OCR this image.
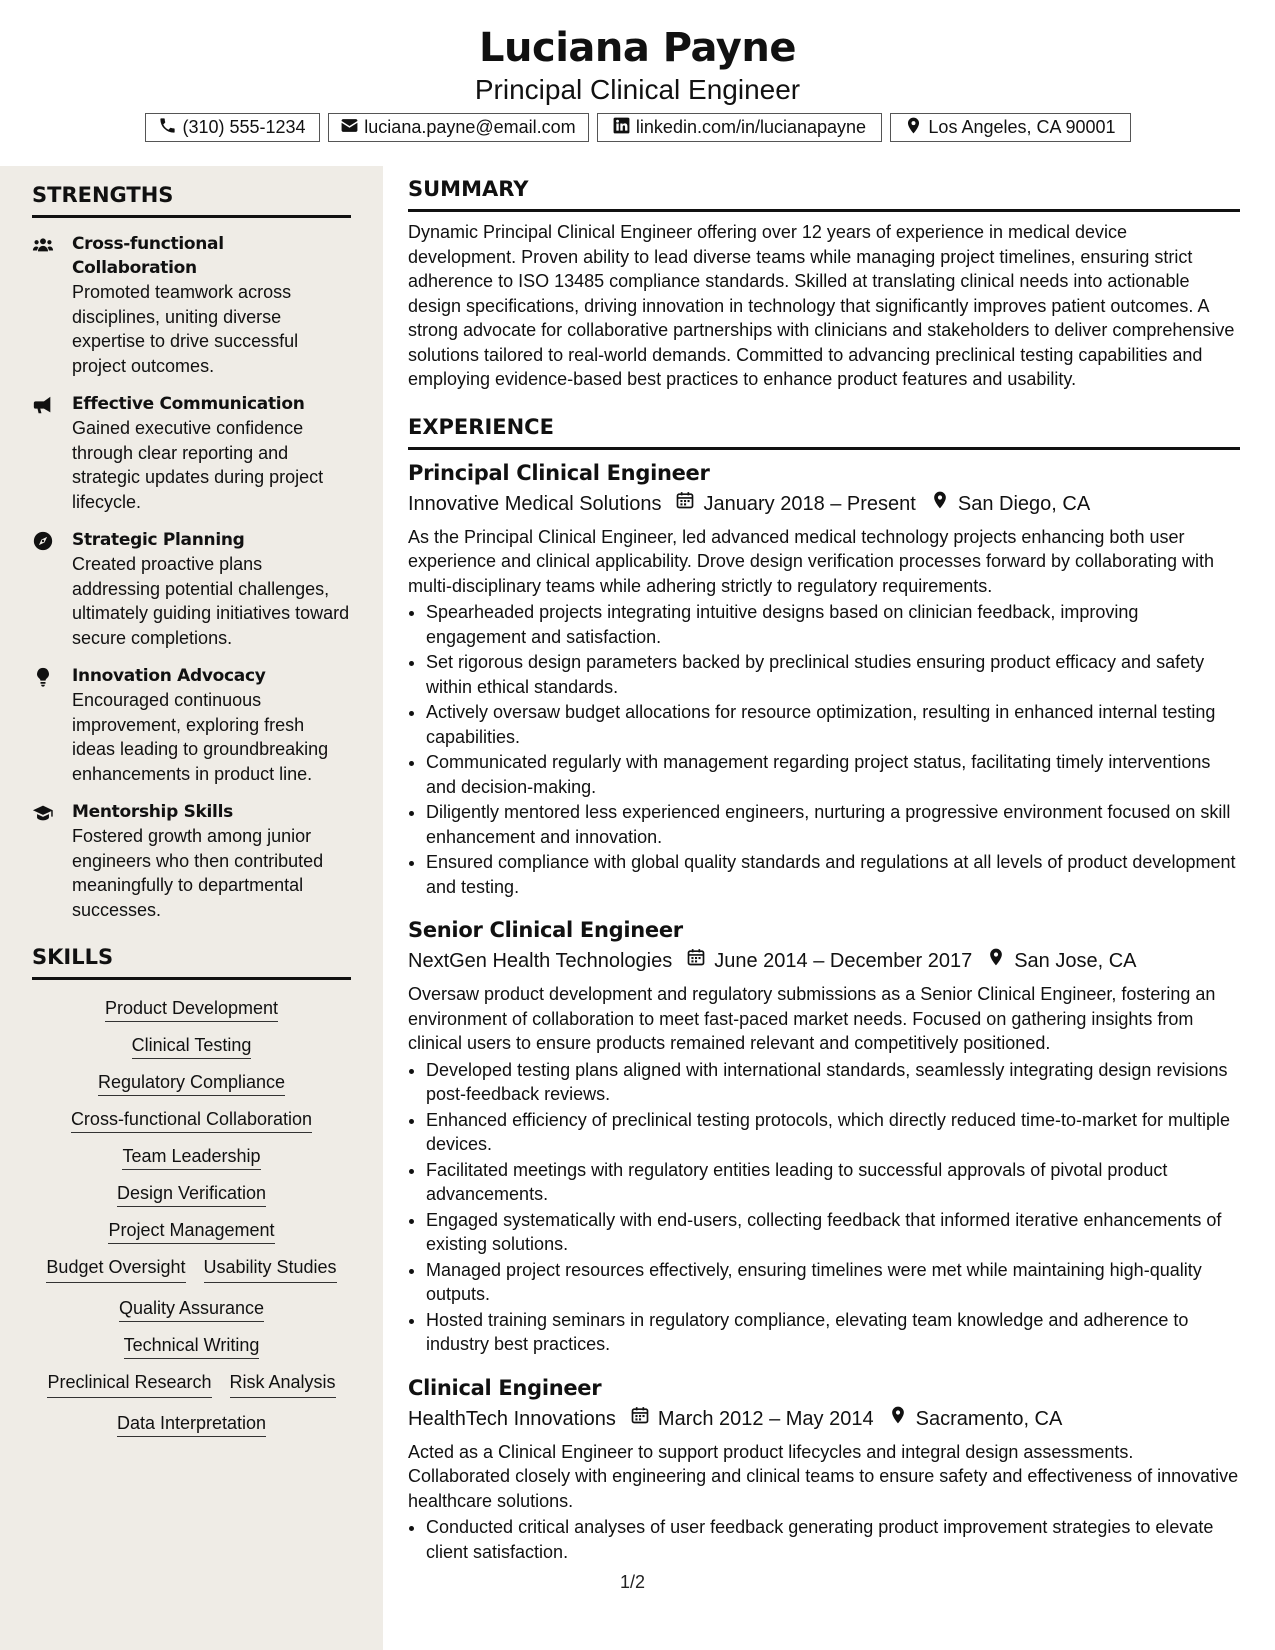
Luciana Payne
Principal Clinical Engineer
(310) 555-1234	luciana.payne@email.com	linkedin.com/in/lucianapayne	Los Angeles, CA 90001
STRENGTHS
Cross-functional Collaboration
Promoted teamwork across disciplines, uniting diverse expertise to drive successful project outcomes.
Effective Communication
Gained executive confidence through clear reporting and strategic updates during project lifecycle.
Strategic Planning
Created proactive plans addressing potential challenges, ultimately guiding initiatives toward secure completions.
Innovation Advocacy
Encouraged continuous improvement, exploring fresh ideas leading to groundbreaking enhancements in product line.
Mentorship Skills
Fostered growth among junior engineers who then contributed meaningfully to departmental successes.
SKILLS
Product Development
Clinical Testing
Regulatory Compliance
Cross-functional Collaboration
Team Leadership
Design Verification
Project Management
Budget Oversight Usability Studies
Quality Assurance
Technical Writing
Preclinical Research Risk Analysis
Data Interpretation
SUMMARY
Dynamic Principal Clinical Engineer offering over 12 years of experience in medical device development. Proven ability to lead diverse teams while managing project timelines, ensuring strict adherence to ISO 13485 compliance standards. Skilled at translating clinical needs into actionable design specifications, driving innovation in technology that significantly improves patient outcomes. A strong advocate for collaborative partnerships with clinicians and stakeholders to deliver comprehensive solutions tailored to real-world demands. Committed to advancing preclinical testing capabilities and employing evidence-based best practices to enhance product features and usability.
EXPERIENCE
Principal Clinical Engineer
Innovative Medical Solutions January 2018 – Present San Diego, CA
As the Principal Clinical Engineer, led advanced medical technology projects enhancing both user experience and clinical applicability. Drove design verification processes forward by collaborating with multi-disciplinary teams while adhering strictly to regulatory requirements.
• Spearheaded projects integrating intuitive designs based on clinician feedback, improving engagement and satisfaction.
• Set rigorous design parameters backed by preclinical studies ensuring product efficacy and safety within ethical standards.
• Actively oversaw budget allocations for resource optimization, resulting in enhanced internal testing capabilities.
• Communicated regularly with management regarding project status, facilitating timely interventions and decision-making.
• Diligently mentored less experienced engineers, nurturing a progressive environment focused on skill enhancement and innovation.
• Ensured compliance with global quality standards and regulations at all levels of product development and testing.
Senior Clinical Engineer
NextGen Health Technologies June 2014 – December 2017 San Jose, CA
Oversaw product development and regulatory submissions as a Senior Clinical Engineer, fostering an environment of collaboration to meet fast-paced market needs. Focused on gathering insights from clinical users to ensure products remained relevant and competitively positioned.
• Developed testing plans aligned with international standards, seamlessly integrating design revisions post-feedback reviews.
• Enhanced efficiency of preclinical testing protocols, which directly reduced time-to-market for multiple devices.
• Facilitated meetings with regulatory entities leading to successful approvals of pivotal product advancements.
• Engaged systematically with end-users, collecting feedback that informed iterative enhancements of existing solutions.
• Managed project resources effectively, ensuring timelines were met while maintaining high-quality outputs.
• Hosted training seminars in regulatory compliance, elevating team knowledge and adherence to industry best practices.
Clinical Engineer
HealthTech Innovations March 2012 – May 2014 Sacramento, CA
Acted as a Clinical Engineer to support product lifecycles and integral design assessments. Collaborated closely with engineering and clinical teams to ensure safety and effectiveness of innovative healthcare solutions.
• Conducted critical analyses of user feedback generating product improvement strategies to elevate client satisfaction.
1/2
